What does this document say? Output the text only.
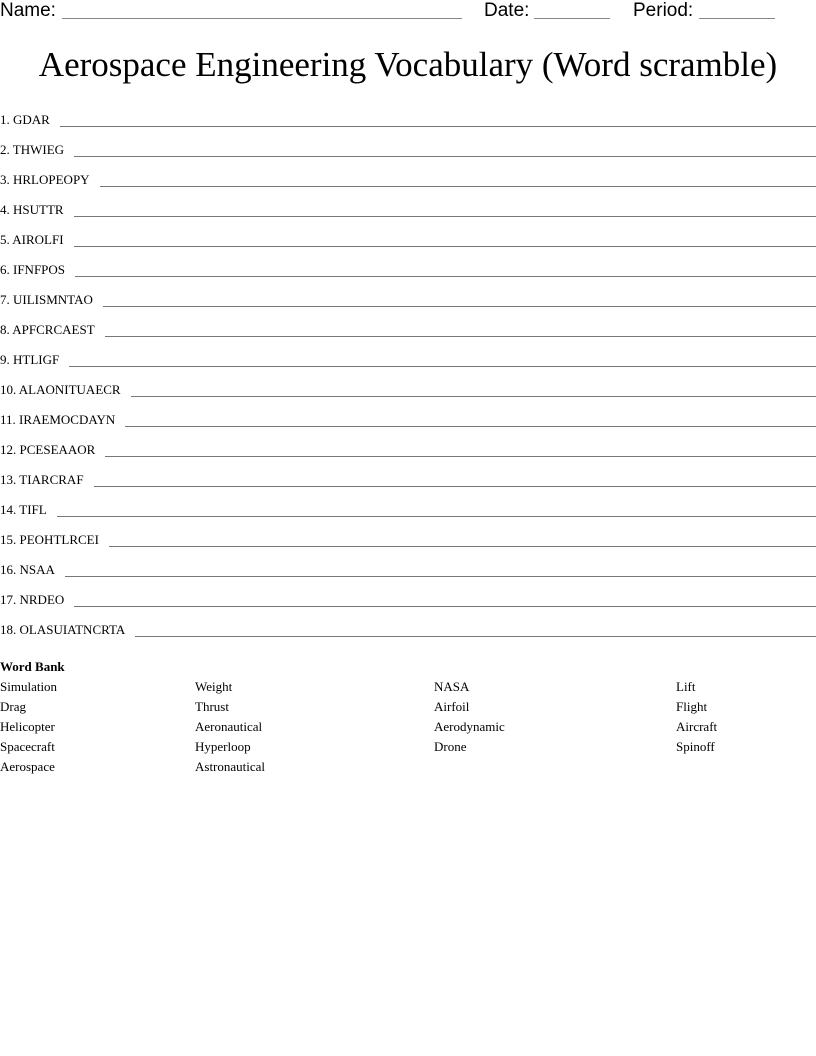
Name:	Date:	Period:
Aerospace Engineering Vocabulary (Word scramble)
1. GDAR
2. THWIEG
3. HRLOPEOPY
4. HSUTTR
5. AIROLFI
6. IFNFPOS
7. UILISMNTAO
8. APFCRCAEST
9. HTLIGF
10. ALAONITUAECR
11. IRAEMOCDAYN
12. PCESEAAOR
13. TIARCRAF
14. TIFL
15. PEOHTLRCEI
16. NSAA
17. NRDEO
18. OLASUIATNCRTA
Word Bank
Simulation	Weight	NASA	Lift
Drag	Thrust	Airfoil	Flight
Helicopter	Aeronautical	Aerodynamic	Aircraft
Spacecraft	Hyperloop	Drone	Spinoff
Aerospace	Astronautical
